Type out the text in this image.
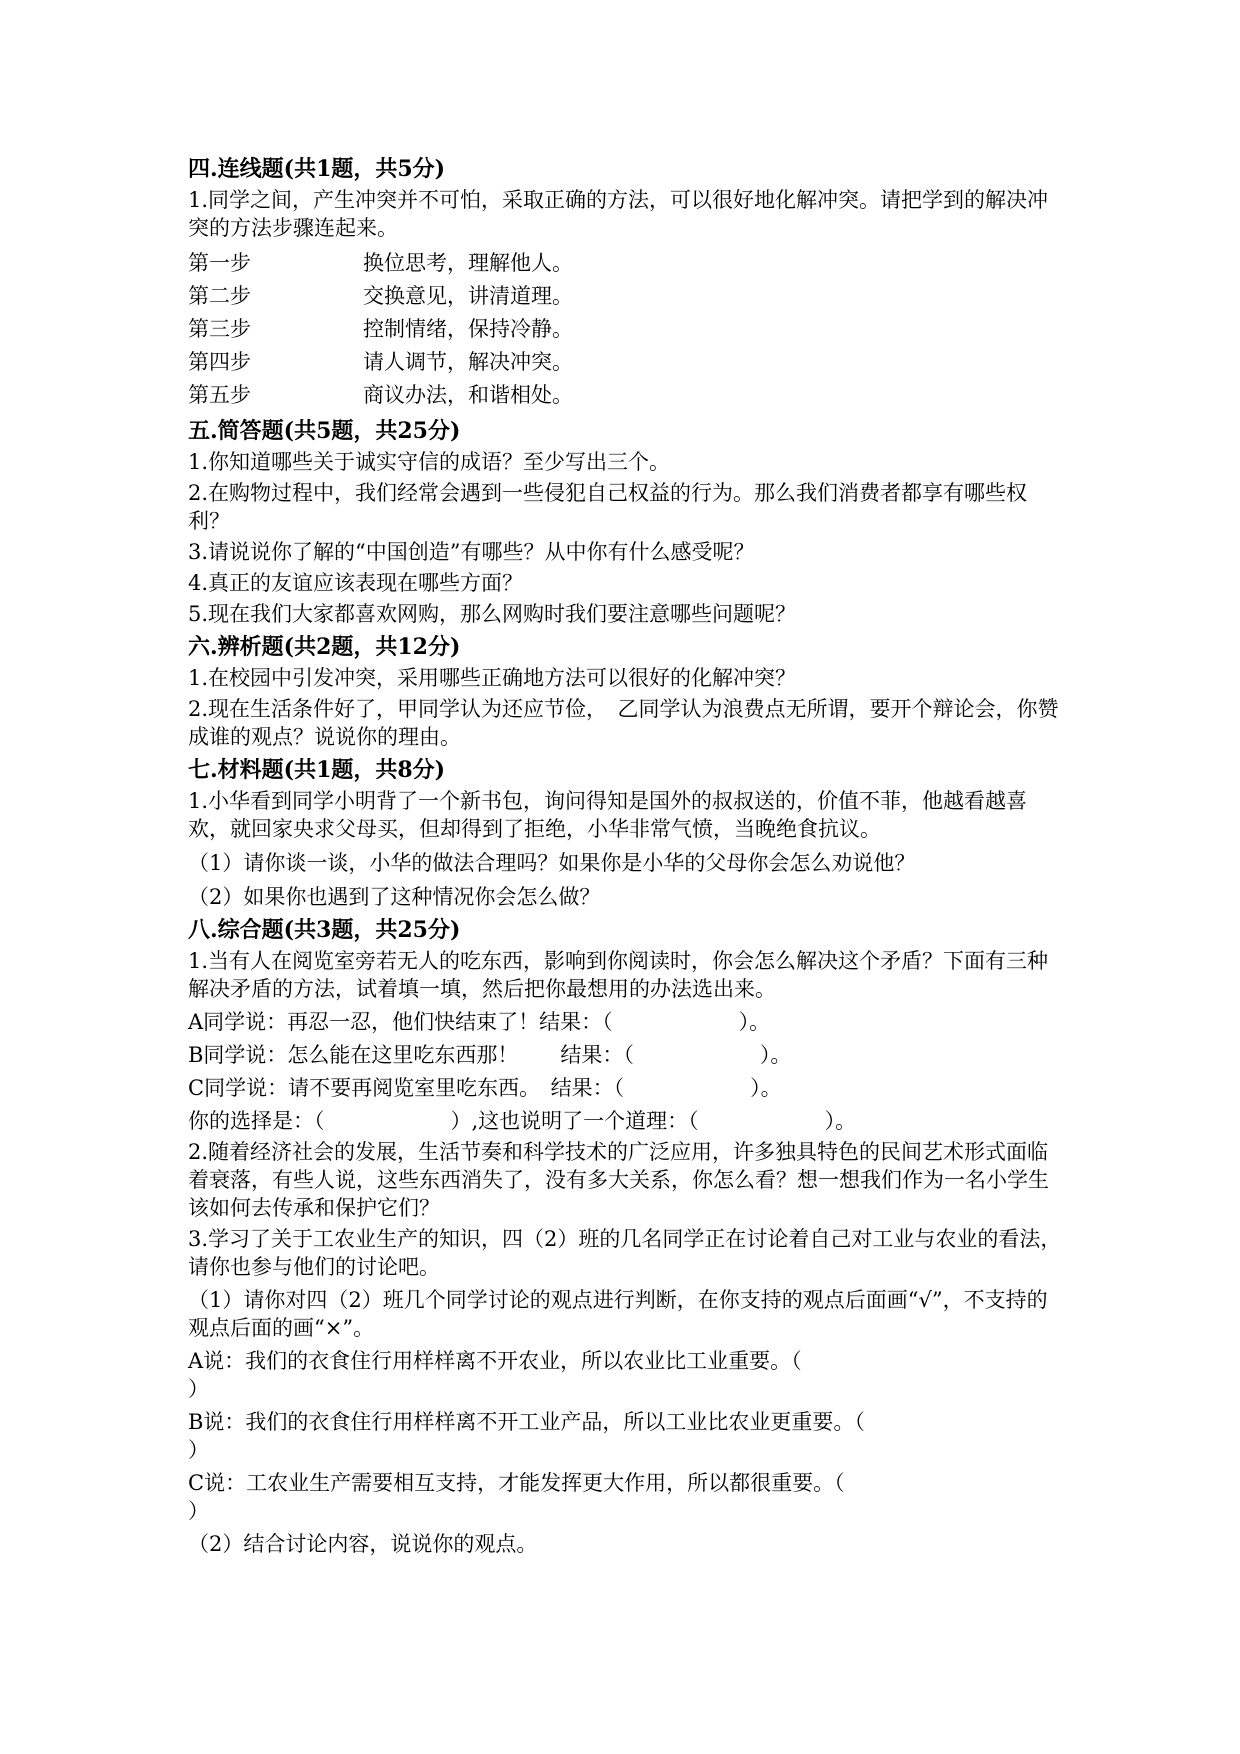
四.连线题(共1题，共5分)
1.同学之间，产生冲突并不可怕，采取正确的方法，可以很好地化解冲突。请把学到的解决冲突的方法步骤连起来。
第一步	换位思考，理解他人。
第二步	交换意见，讲清道理。
第三步	控制情绪，保持冷静。
第四步	请人调节，解决冲突。
第五步	商议办法，和谐相处。
五.简答题(共5题，共25分)
1.你知道哪些关于诚实守信的成语？至少写出三个。
2.在购物过程中，我们经常会遇到一些侵犯自己权益的行为。那么我们消费者都享有哪些权利？
3.请说说你了解的“中国创造”有哪些？从中你有什么感受呢？
4.真正的友谊应该表现在哪些方面？
5.现在我们大家都喜欢网购，那么网购时我们要注意哪些问题呢？
六.辨析题(共2题，共12分)
1.在校园中引发冲突，采用哪些正确地方法可以很好的化解冲突？
2.现在生活条件好了，甲同学认为还应节俭，　乙同学认为浪费点无所谓，要开个辩论会，你赞成谁的观点？说说你的理由。
七.材料题(共1题，共8分)
1.小华看到同学小明背了一个新书包，询问得知是国外的叔叔送的，价值不菲，他越看越喜欢，就回家央求父母买，但却得到了拒绝，小华非常气愤，当晚绝食抗议。
（1）请你谈一谈，小华的做法合理吗？如果你是小华的父母你会怎么劝说他？
（2）如果你也遇到了这种情况你会怎么做？
八.综合题(共3题，共25分)
1.当有人在阅览室旁若无人的吃东西，影响到你阅读时，你会怎么解决这个矛盾？下面有三种解决矛盾的方法，试着填一填，然后把你最想用的办法选出来。
A同学说：再忍一忍，他们快结束了！结果：（　　　　　　）。
B同学说：怎么能在这里吃东西那！　　结果：（　　　　　　）。
C同学说：请不要再阅览室里吃东西。　结果：（　　　　　　）。
你的选择是：（　　　　　　）,这也说明了一个道理：（　　　　　　）。
2.随着经济社会的发展，生活节奏和科学技术的广泛应用，许多独具特色的民间艺术形式面临着衰落，有些人说，这些东西消失了，没有多大关系，你怎么看？想一想我们作为一名小学生该如何去传承和保护它们？
3.学习了关于工农业生产的知识，四（2）班的几名同学正在讨论着自己对工业与农业的看法，请你也参与他们的讨论吧。
（1）请你对四（2）班几个同学讨论的观点进行判断，在你支持的观点后面画“√”，不支持的观点后面的画“×”。
A说：我们的衣食住行用样样离不开农业，所以农业比工业重要。（
）
B说：我们的衣食住行用样样离不开工业产品，所以工业比农业更重要。（
）
C说：工农业生产需要相互支持，才能发挥更大作用，所以都很重要。（
）
（2）结合讨论内容，说说你的观点。
